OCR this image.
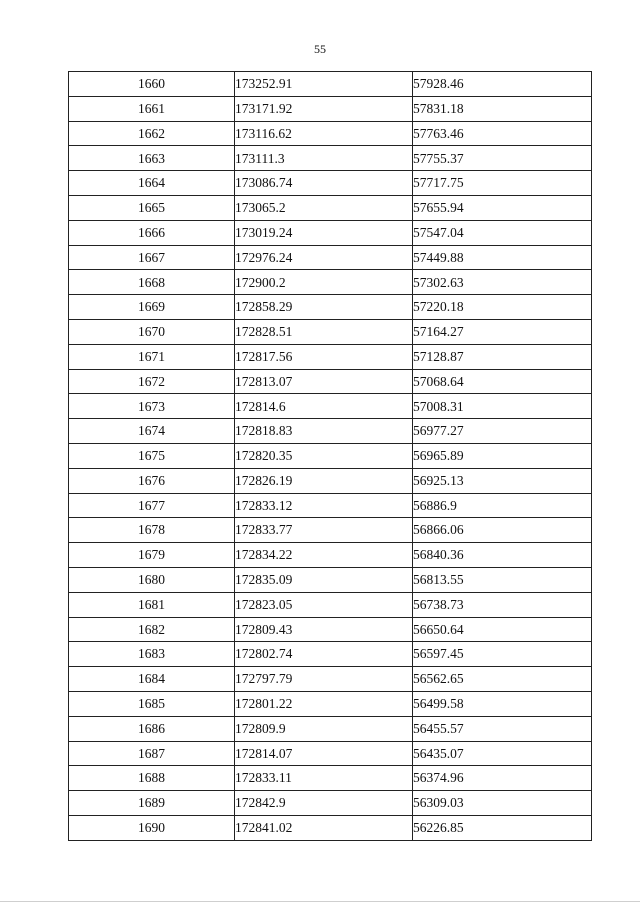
55
1660	173252.91	57928.46
1661	173171.92	57831.18
1662	173116.62	57763.46
1663	173111.3	57755.37
1664	173086.74	57717.75
1665	173065.2	57655.94
1666	173019.24	57547.04
1667	172976.24	57449.88
1668	172900.2	57302.63
1669	172858.29	57220.18
1670	172828.51	57164.27
1671	172817.56	57128.87
1672	172813.07	57068.64
1673	172814.6	57008.31
1674	172818.83	56977.27
1675	172820.35	56965.89
1676	172826.19	56925.13
1677	172833.12	56886.9
1678	172833.77	56866.06
1679	172834.22	56840.36
1680	172835.09	56813.55
1681	172823.05	56738.73
1682	172809.43	56650.64
1683	172802.74	56597.45
1684	172797.79	56562.65
1685	172801.22	56499.58
1686	172809.9	56455.57
1687	172814.07	56435.07
1688	172833.11	56374.96
1689	172842.9	56309.03
1690	172841.02	56226.85
